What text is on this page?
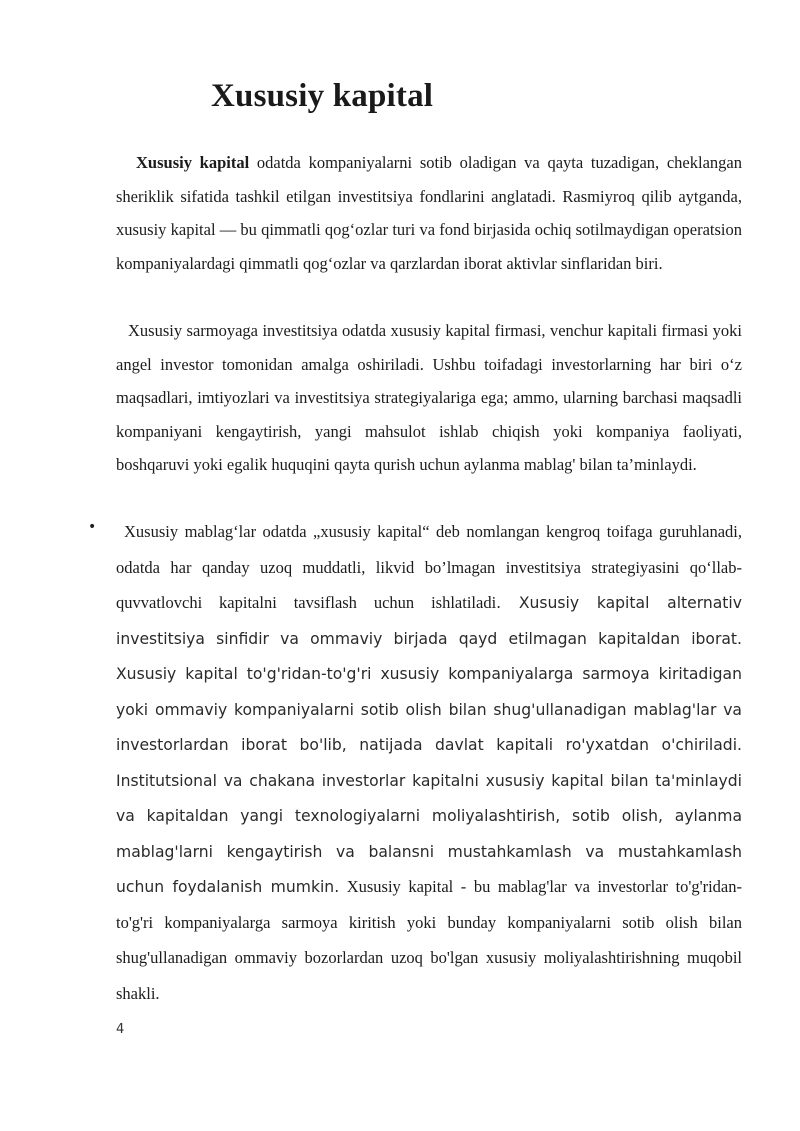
Xususiy kapital
Xususiy kapital odatda kompaniyalarni sotib oladigan va qayta tuzadigan, cheklangan sheriklik sifatida tashkil etilgan investitsiya fondlarini anglatadi. Rasmiyroq qilib aytganda, xususiy kapital — bu qimmatli qog‘ozlar turi va fond birjasida ochiq sotilmaydigan operatsion kompaniyalardagi qimmatli qog‘ozlar va qarzlardan iborat aktivlar sinflaridan biri.
Xususiy sarmoyaga investitsiya odatda xususiy kapital firmasi, venchur kapitali firmasi yoki angel investor tomonidan amalga oshiriladi. Ushbu toifadagi investorlarning har biri o‘z maqsadlari, imtiyozlari va investitsiya strategiyalariga ega; ammo, ularning barchasi maqsadli kompaniyani kengaytirish, yangi mahsulot ishlab chiqish yoki kompaniya faoliyati, boshqaruvi yoki egalik huquqini qayta qurish uchun aylanma mablag' bilan ta’minlaydi.
•	Xususiy mablag‘lar odatda „xususiy kapital“ deb nomlangan kengroq toifaga guruhlanadi, odatda har qanday uzoq muddatli, likvid bo’lmagan investitsiya strategiyasini qo‘llab-quvvatlovchi kapitalni tavsiflash uchun ishlatiladi. Xususiy kapital alternativ investitsiya sinfidir va ommaviy birjada qayd etilmagan kapitaldan iborat. Xususiy kapital to'g'ridan-to'g'ri xususiy kompaniyalarga sarmoya kiritadigan yoki ommaviy kompaniyalarni sotib olish bilan shug'ullanadigan mablag'lar va investorlardan iborat bo'lib, natijada davlat kapitali ro'yxatdan o'chiriladi. Institutsional va chakana investorlar kapitalni xususiy kapital bilan ta'minlaydi va kapitaldan yangi texnologiyalarni moliyalashtirish, sotib olish, aylanma mablag'larni kengaytirish va balansni mustahkamlash va mustahkamlash uchun foydalanish mumkin. Xususiy kapital - bu mablag'lar va investorlar to'g'ridan-to'g'ri kompaniyalarga sarmoya kiritish yoki bunday kompaniyalarni sotib olish bilan shug'ullanadigan ommaviy bozorlardan uzoq bo'lgan xususiy moliyalashtirishning muqobil shakli.
4
